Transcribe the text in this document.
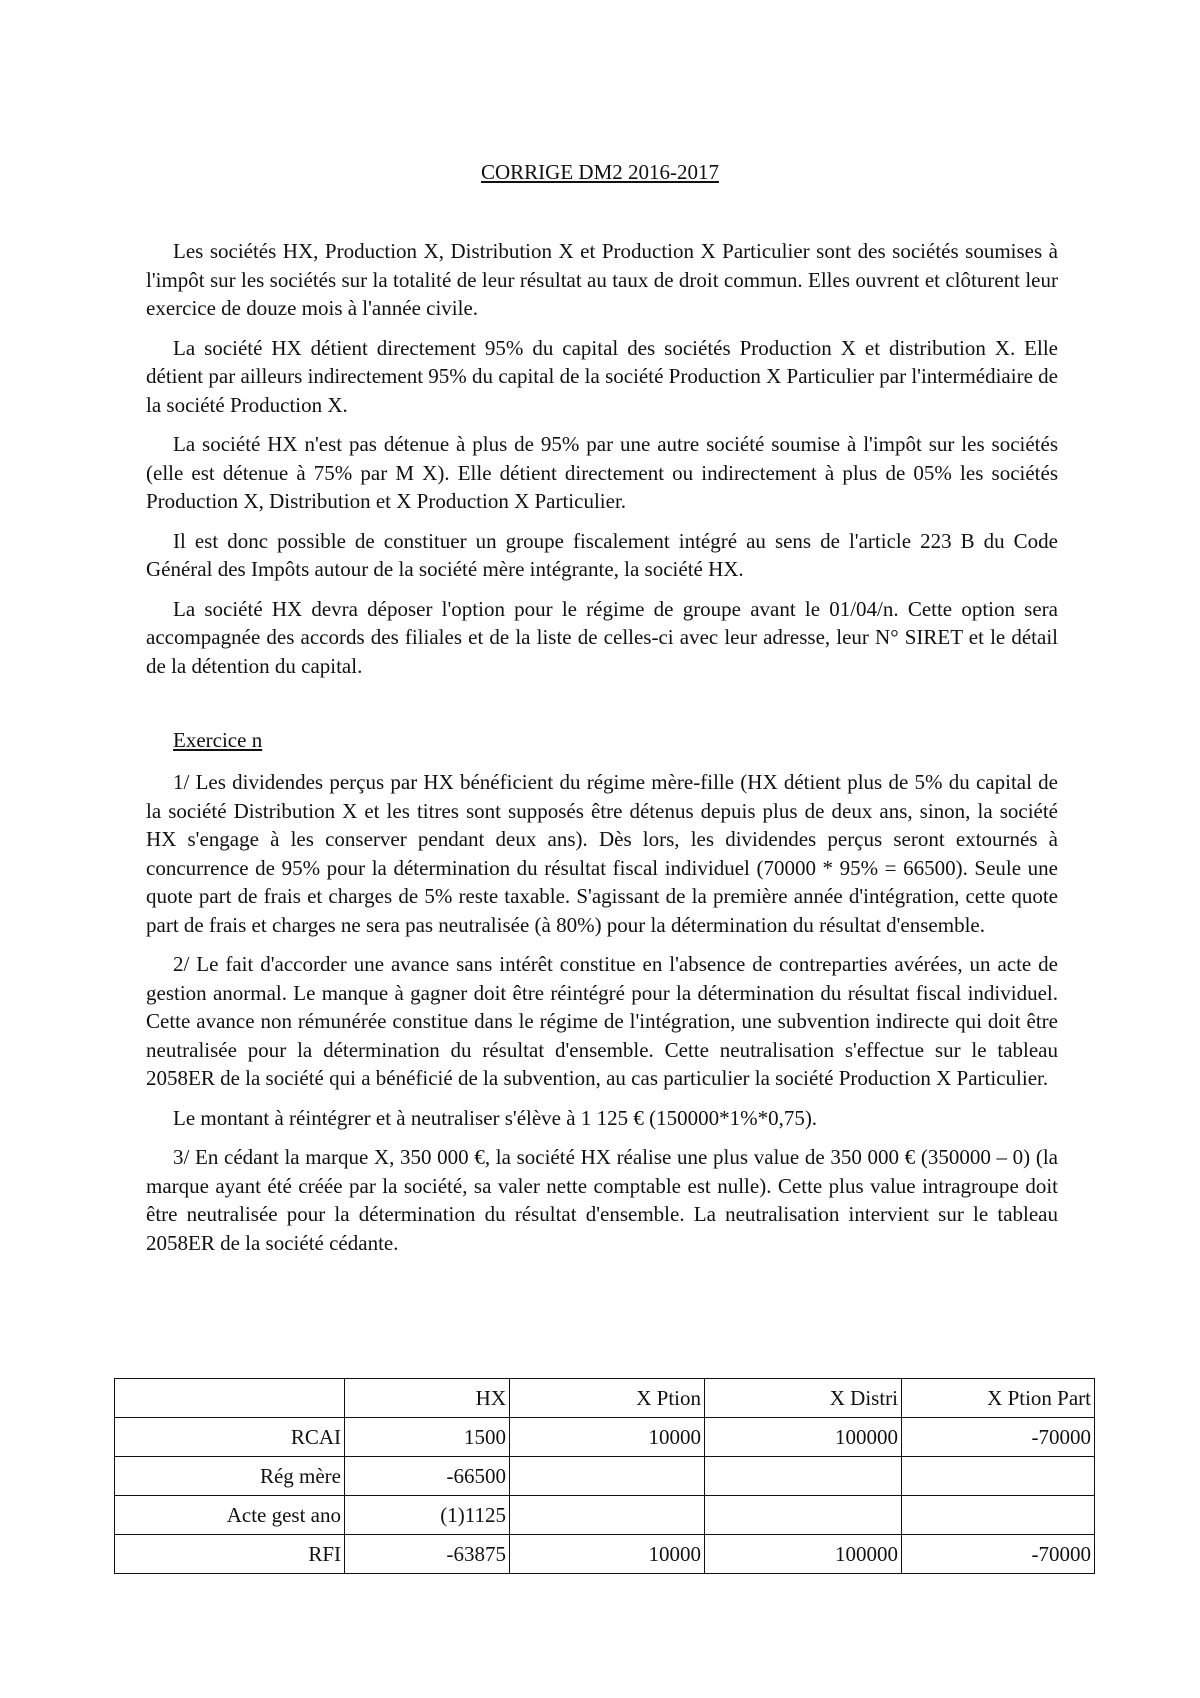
CORRIGE DM2 2016-2017

Les sociétés HX, Production X, Distribution X et Production X Particulier sont des sociétés soumises à l'impôt sur les sociétés sur la totalité de leur résultat au taux de droit commun. Elles ouvrent et clôturent leur exercice de douze mois à l'année civile.

La société HX détient directement 95% du capital des sociétés Production X et distribution X. Elle détient par ailleurs indirectement 95% du capital de la société Production X Particulier par l'intermédiaire de la société Production X.

La société HX n'est pas détenue à plus de 95% par une autre société soumise à l'impôt sur les sociétés (elle est détenue à 75% par M X). Elle détient directement ou indirectement à plus de 05% les sociétés Production X, Distribution et X Production X Particulier.

Il est donc possible de constituer un groupe fiscalement intégré au sens de l'article 223 B du Code Général des Impôts autour de la société mère intégrante, la société HX.

La société HX devra déposer l'option pour le régime de groupe avant le 01/04/n. Cette option sera accompagnée des accords des filiales et de la liste de celles-ci avec leur adresse, leur N° SIRET et le détail de la détention du capital.

Exercice n

1/ Les dividendes perçus par HX bénéficient du régime mère-fille (HX détient plus de 5% du capital de la société Distribution X et les titres sont supposés être détenus depuis plus de deux ans, sinon, la société HX s'engage à les conserver pendant deux ans). Dès lors, les dividendes perçus seront extournés à concurrence de 95% pour la détermination du résultat fiscal individuel (70000 * 95% = 66500). Seule une quote part de frais et charges de 5% reste taxable. S'agissant de la première année d'intégration, cette quote part de frais et charges ne sera pas neutralisée (à 80%) pour la détermination du résultat d'ensemble.

2/ Le fait d'accorder une avance sans intérêt constitue en l'absence de contreparties avérées, un acte de gestion anormal. Le manque à gagner doit être réintégré pour la détermination du résultat fiscal individuel. Cette avance non rémunérée constitue dans le régime de l'intégration, une subvention indirecte qui doit être neutralisée pour la détermination du résultat d'ensemble. Cette neutralisation s'effectue sur le tableau 2058ER de la société qui a bénéficié de la subvention, au cas particulier la société Production X Particulier.

Le montant à réintégrer et à neutraliser s'élève à 1 125 € (150000*1%*0,75).

3/ En cédant la marque X, 350 000 €, la société HX réalise une plus value de 350 000 € (350000 – 0) (la marque ayant été créée par la société, sa valer nette comptable est nulle). Cette plus value intragroupe doit être neutralisée pour la détermination du résultat d'ensemble. La neutralisation intervient sur le tableau 2058ER de la société cédante.

	HX	X Ption	X Distri	X Ption Part
RCAI	1500	10000	100000	-70000
Rég mère	-66500			
Acte gest ano	(1)1125			
RFI	-63875	10000	100000	-70000
